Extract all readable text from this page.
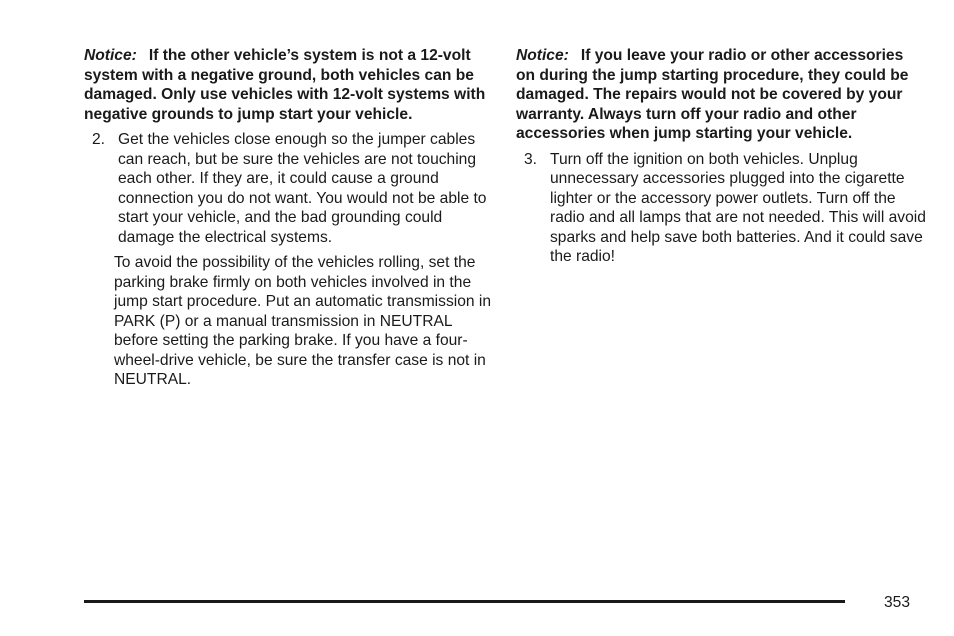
Notice: If the other vehicle’s system is not a 12-volt system with a negative ground, both vehicles can be damaged. Only use vehicles with 12-volt systems with negative grounds to jump start your vehicle.

2. Get the vehicles close enough so the jumper cables can reach, but be sure the vehicles are not touching each other. If they are, it could cause a ground connection you do not want. You would not be able to start your vehicle, and the bad grounding could damage the electrical systems.

To avoid the possibility of the vehicles rolling, set the parking brake firmly on both vehicles involved in the jump start procedure. Put an automatic transmission in PARK (P) or a manual transmission in NEUTRAL before setting the parking brake. If you have a four-wheel-drive vehicle, be sure the transfer case is not in NEUTRAL.

Notice: If you leave your radio or other accessories on during the jump starting procedure, they could be damaged. The repairs would not be covered by your warranty. Always turn off your radio and other accessories when jump starting your vehicle.

3. Turn off the ignition on both vehicles. Unplug unnecessary accessories plugged into the cigarette lighter or the accessory power outlets. Turn off the radio and all lamps that are not needed. This will avoid sparks and help save both batteries. And it could save the radio!
353
